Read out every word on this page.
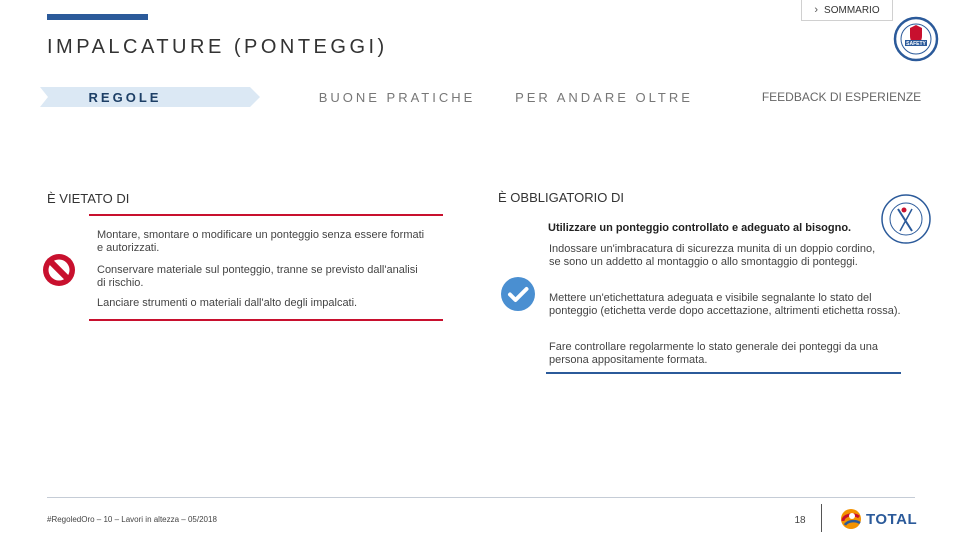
› SOMMARIO
IMPALCATURE (PONTEGGI)	SAFETY
REGOLE	BUONE PRATICHE	PER ANDARE OLTRE	FEEDBACK DI ESPERIENZE
È VIETATO DI
Montare, smontare o modificare un ponteggio senza essere formati e autorizzati.
Conservare materiale sul ponteggio, tranne se previsto dall'analisi di rischio.
Lanciare strumenti o materiali dall'alto degli impalcati.
È OBBLIGATORIO DI
Utilizzare un ponteggio controllato e adeguato al bisogno.
Indossare un'imbracatura di sicurezza munita di un doppio cordino, se sono un addetto al montaggio o allo smontaggio di ponteggi.
Mettere un'etichettatura adeguata e visibile segnalante lo stato del ponteggio (etichetta verde dopo accettazione, altrimenti etichetta rossa).
Fare controllare regolarmente lo stato generale dei ponteggi da una persona appositamente formata.
#RegoledOro – 10 – Lavori in altezza – 05/2018	18	TOTAL
